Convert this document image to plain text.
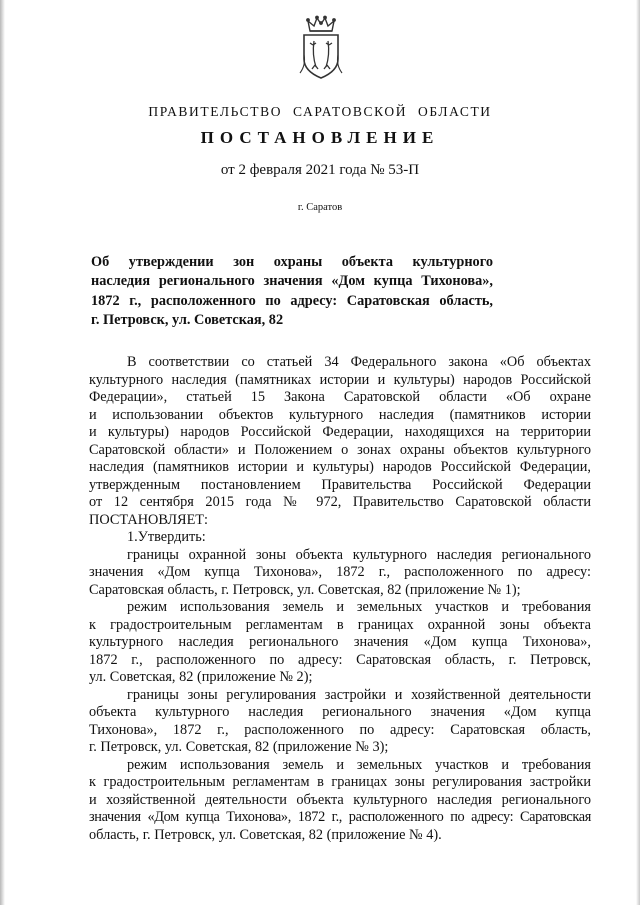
ПРАВИТЕЛЬСТВО САРАТОВСКОЙ ОБЛАСТИ
ПОСТАНОВЛЕНИЕ
от 2 февраля 2021 года № 53-П
г. Саратов
Об утверждении зон охраны объекта культурного
наследия регионального значения «Дом купца Тихонова»,
1872 г., расположенного по адресу: Саратовская область,
г. Петровск, ул. Советская, 82
В соответствии со статьей 34 Федерального закона «Об объектах
культурного наследия (памятниках истории и культуры) народов Российской
Федерации», статьей 15 Закона Саратовской области «Об охране
и использовании объектов культурного наследия (памятников истории
и культуры) народов Российской Федерации, находящихся на территории
Саратовской области» и Положением о зонах охраны объектов культурного
наследия (памятников истории и культуры) народов Российской Федерации,
утвержденным постановлением Правительства Российской Федерации
от 12 сентября 2015 года № 972, Правительство Саратовской области
ПОСТАНОВЛЯЕТ:
1.Утвердить:
границы охранной зоны объекта культурного наследия регионального
значения «Дом купца Тихонова», 1872 г., расположенного по адресу:
Саратовская область, г. Петровск, ул. Советская, 82 (приложение № 1);
режим использования земель и земельных участков и требования
к градостроительным регламентам в границах охранной зоны объекта
культурного наследия регионального значения «Дом купца Тихонова»,
1872 г., расположенного по адресу: Саратовская область, г. Петровск,
ул. Советская, 82 (приложение № 2);
границы зоны регулирования застройки и хозяйственной деятельности
объекта культурного наследия регионального значения «Дом купца
Тихонова», 1872 г., расположенного по адресу: Саратовская область,
г. Петровск, ул. Советская, 82 (приложение № 3);
режим использования земель и земельных участков и требования
к градостроительным регламентам в границах зоны регулирования застройки
и хозяйственной деятельности объекта культурного наследия регионального
значения «Дом купца Тихонова», 1872 г., расположенного по адресу: Саратовская
область, г. Петровск, ул. Советская, 82 (приложение № 4).
